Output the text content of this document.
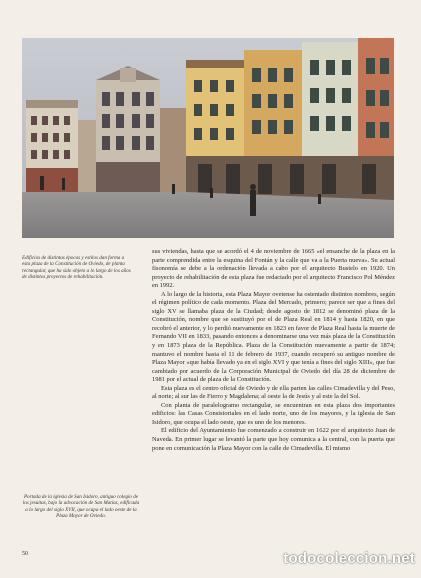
Edificios de distintas épocas y estilos dan forma a esta plaza de la Constitución de Oviedo, de planta rectangular, que ha sido objeto a lo largo de los años de distintos proyectos de rehabilitación.

sus viviendas, hasta que se acordó el 4 de noviembre de 1665 «el ensanche de la plaza en la parte comprendida entre la esquina del Fontán y la calle que va a la Puerta nueva». Su actual fisonomía se debe a la ordenación llevada a cabo por el arquitecto Bustelo en 1920. Un proyecto de rehabilitación de esta plaza fue redactado por el arquitecto Francisco Pol Méndez en 1992.

A lo largo de la historia, esta Plaza Mayor ovetense ha ostentado distintos nombres, según el régimen político de cada momento. Plaza del Mercado, primero; parece ser que a fines del siglo XV se llamaba plaza de la Ciudad; desde agosto de 1812 se denominó plaza de la Constitución, nombre que se sustituyó por el de Plaza Real en 1814 y hasta 1820, en que recobró el anterior, y lo perdió nuevamente en 1823 en favor de Plaza Real hasta la muerte de Fernando VII en 1833, pasando entonces a denominarse una vez más plaza de la Constitución y en 1873 plaza de la República. Plaza de la Constitución nuevamente a partir de 1874; mantuvo el nombre hasta el 11 de febrero de 1937, cuando recuperó su antiguo nombre de Plaza Mayor «que había llevado ya en el siglo XVI y que tenía a fines del siglo XIII», que fue cambiado por acuerdo de la Corporación Municipal de Oviedo del día 28 de diciembre de 1981 por el actual de plaza de la Constitución.

Esta plaza es el centro oficial de Oviedo y de ella parten las calles Cimadevilla y del Peso, al norte; al sur las de Fierro y Magdalena; al oeste la de Jesús y al este la del Sol.

Con planta de paralelogramo rectangular, se encuentran en esta plaza dos importantes edificios: las Casas Consistoriales en el lado norte, uno de los mayores, y la iglesia de San Isidoro, que ocupa el lado oeste, que es uno de los menores.

El edificio del Ayuntamiento fue comenzado a construir en 1622 por el arquitecto Juan de Naveda. En primer lugar se levantó la parte que hoy comunica a la central, con la puerta que pone en comunicación la Plaza Mayor con la calle de Cimadevilla. El mismo

Portada de la iglesia de San Isidoro, antiguo colegio de los jesuitas, bajo la advocación de San Matías, edificada a lo largo del siglo XVII, que ocupa el lado oeste de la Plaza Mayor de Oviedo.
50	todocoleccion.net
